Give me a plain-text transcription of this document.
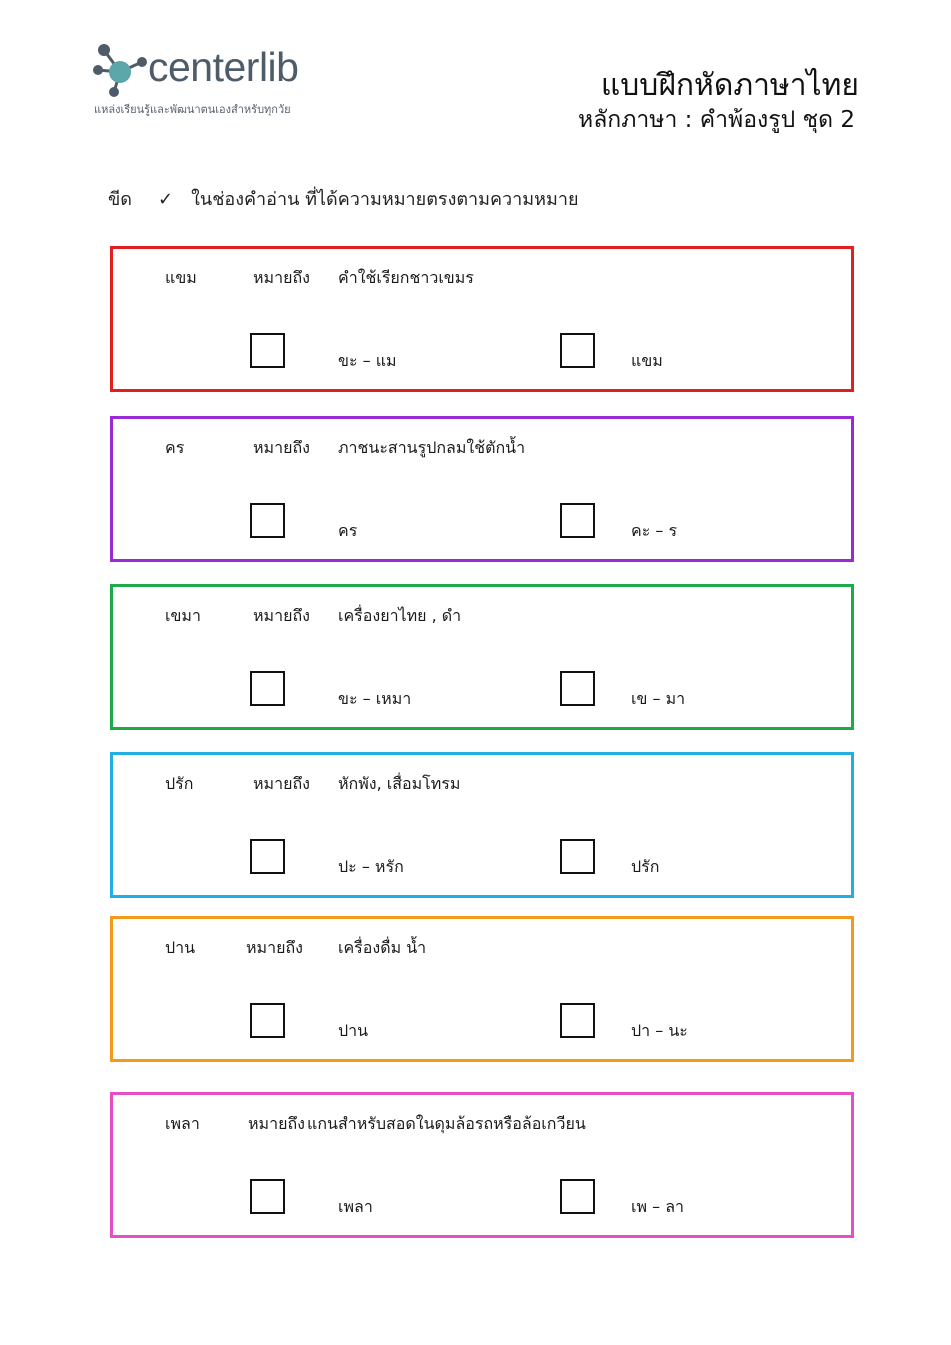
centerlib
แหล่งเรียนรู้และพัฒนาตนเองสำหรับทุกวัย
แบบฝึกหัดภาษาไทย
หลักภาษา : คำพ้องรูป ชุด 2
ขีด ✓ ในช่องคำอ่าน ที่ได้ความหมายตรงตามความหมาย
แขม	หมายถึง คำใช้เรียกชาวเขมร
ขะ – แม	แขม
คร	หมายถึง ภาชนะสานรูปกลมใช้ตักน้ำ
คร	คะ – ร
เขมา	หมายถึง เครื่องยาไทย , ดำ
ขะ – เหมา	เข – มา
ปรัก	หมายถึง หักพัง, เสื่อมโทรม
ปะ – หรัก	ปรัก
ปาน	หมายถึง เครื่องดื่ม น้ำ
ปาน	ปา – นะ
เพลา	หมายถึง แกนสำหรับสอดในดุมล้อรถหรือล้อเกวียน
เพลา	เพ – ลา
